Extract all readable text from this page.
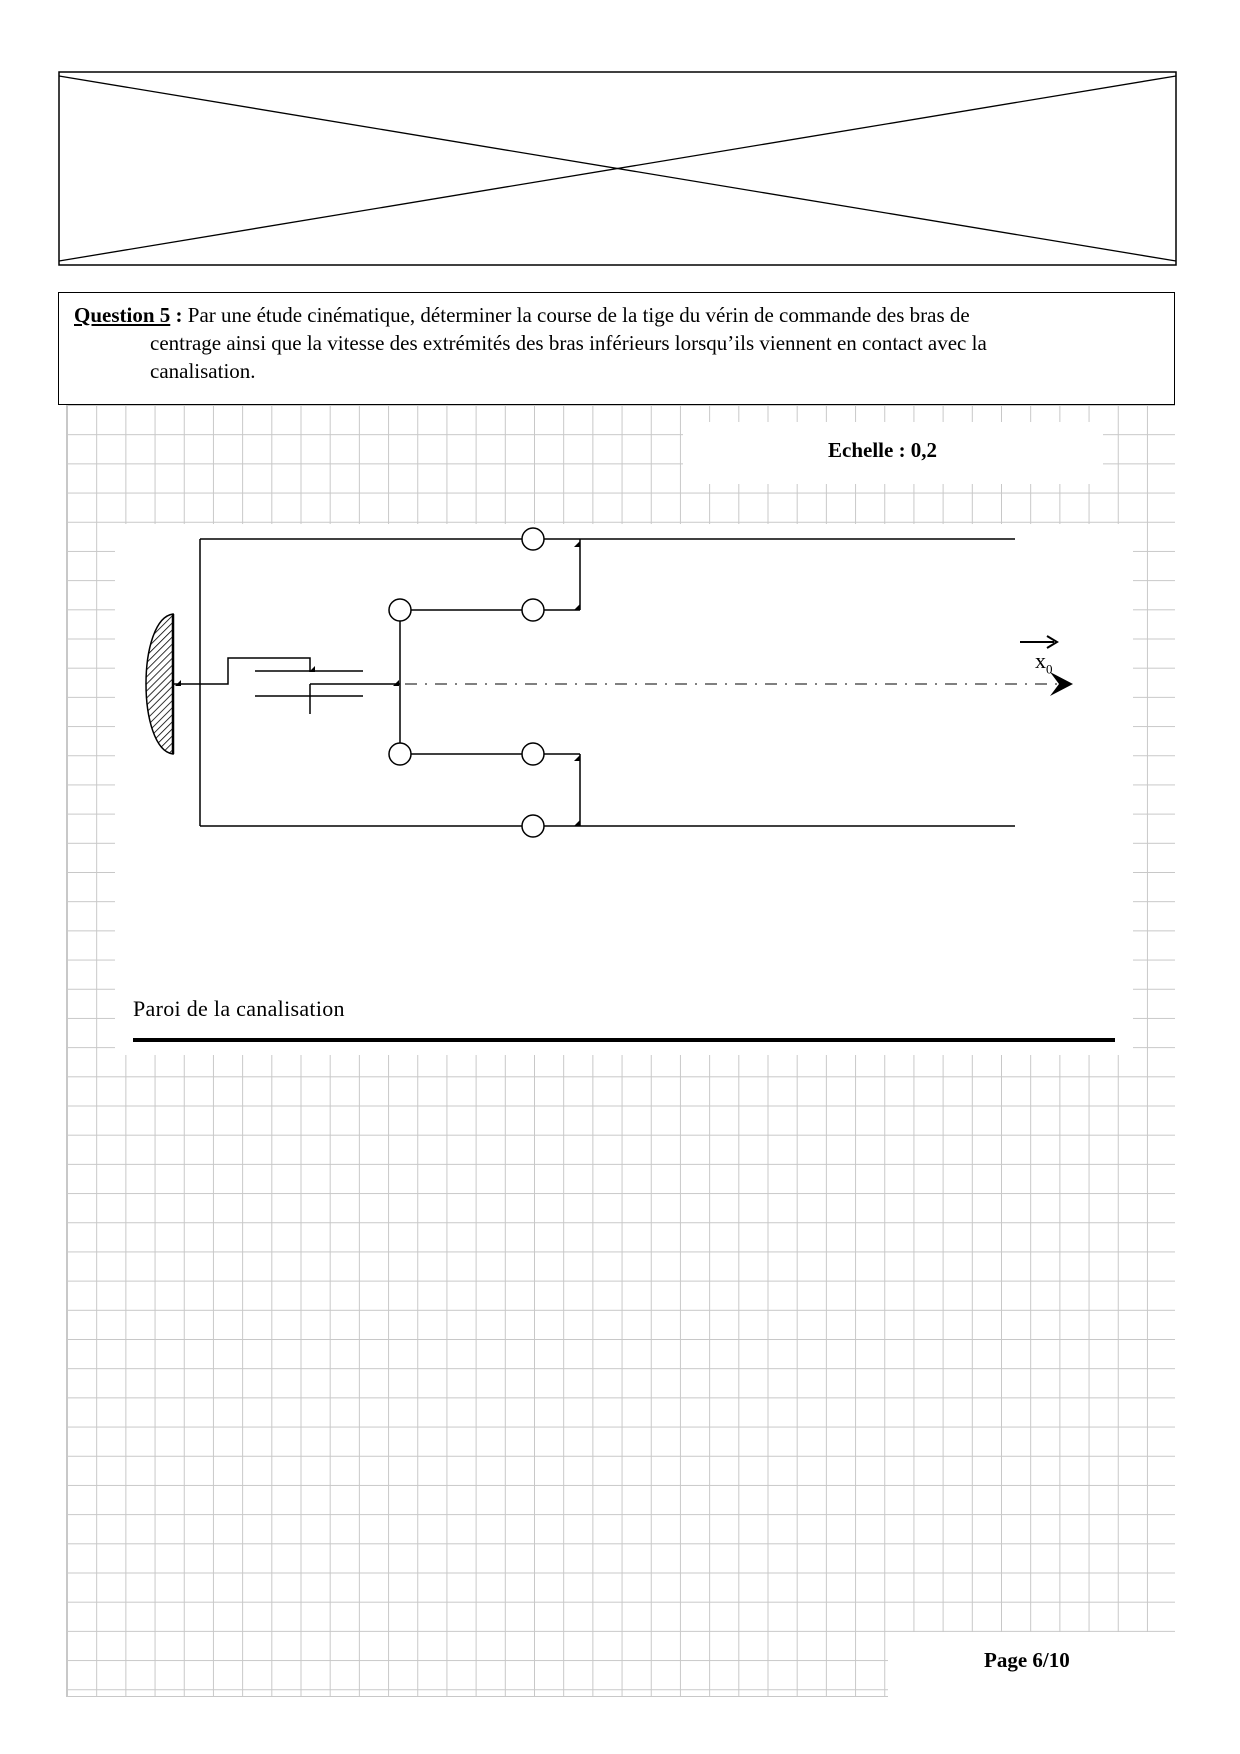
Question 5 : Par une étude cinématique, déterminer la course de la tige du vérin de commande des bras de
centrage ainsi que la vitesse des extrémités des bras inférieurs lorsqu’ils viennent en contact avec la
canalisation.
Echelle : 0,2
$x_0$
Paroi de la canalisation
Page 6/10
